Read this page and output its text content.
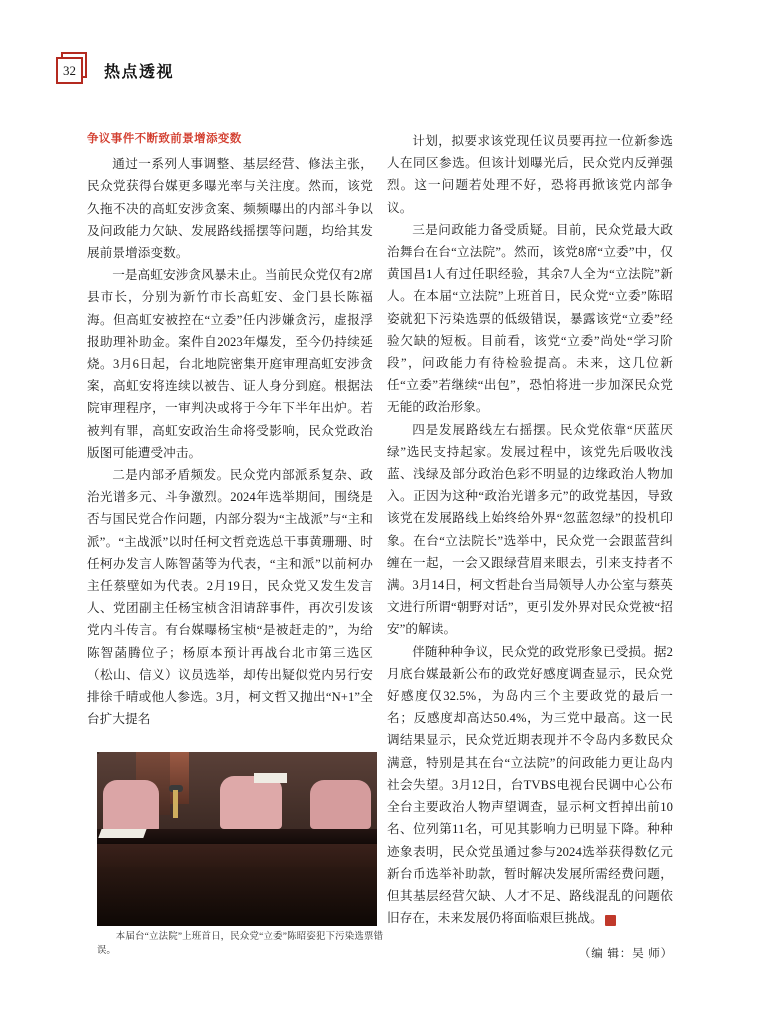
32 热点透视
争议事件不断致前景增添变数

通过一系列人事调整、基层经营、修法主张，民众党获得台媒更多曝光率与关注度。然而，该党久拖不决的高虹安涉贪案、频频曝出的内部斗争以及问政能力欠缺、发展路线摇摆等问题，均给其发展前景增添变数。

一是高虹安涉贪风暴未止。当前民众党仅有2席县市长，分别为新竹市长高虹安、金门县长陈福海。但高虹安被控在“立委”任内涉嫌贪污，虚报浮报助理补助金。案件自2023年爆发，至今仍持续延烧。3月6日起，台北地院密集开庭审理高虹安涉贪案，高虹安将连续以被告、证人身分到庭。根据法院审理程序，一审判决或将于今年下半年出炉。若被判有罪，高虹安政治生命将受影响，民众党政治版图可能遭受冲击。

二是内部矛盾频发。民众党内部派系复杂、政治光谱多元、斗争激烈。2024年选举期间，围绕是否与国民党合作问题，内部分裂为“主战派”与“主和派”。“主战派”以时任柯文哲竞选总干事黄珊珊、时任柯办发言人陈智菡等为代表，“主和派”以前柯办主任蔡壁如为代表。2月19日，民众党又发生发言人、党团副主任杨宝桢含泪请辞事件，再次引发该党内斗传言。有台媒曝杨宝桢“是被赶走的”，为给陈智菡腾位子；杨原本预计再战台北市第三选区（松山、信义）议员选举，却传出疑似党内另行安排徐千晴或他人参选。3月，柯文哲又抛出“N+1”全台扩大提名

本届台“立法院”上班首日，民众党“立委”陈昭姿犯下污染选票错误。

计划，拟要求该党现任议员要再拉一位新参选人在同区参选。但该计划曝光后，民众党内反弹强烈。这一问题若处理不好，恐将再掀该党内部争议。

三是问政能力备受质疑。目前，民众党最大政治舞台在台“立法院”。然而，该党8席“立委”中，仅黄国昌1人有过任职经验，其余7人全为“立法院”新人。在本届“立法院”上班首日，民众党“立委”陈昭姿就犯下污染选票的低级错误，暴露该党“立委”经验欠缺的短板。目前看，该党“立委”尚处“学习阶段”，问政能力有待检验提高。未来，这几位新任“立委”若继续“出包”，恐怕将进一步加深民众党无能的政治形象。

四是发展路线左右摇摆。民众党依靠“厌蓝厌绿”选民支持起家。发展过程中，该党先后吸收浅蓝、浅绿及部分政治色彩不明显的边缘政治人物加入。正因为这种“政治光谱多元”的政党基因，导致该党在发展路线上始终给外界“忽蓝忽绿”的投机印象。在台“立法院长”选举中，民众党一会跟蓝营纠缠在一起，一会又跟绿营眉来眼去，引来支持者不满。3月14日，柯文哲赴台当局领导人办公室与蔡英文进行所谓“朝野对话”，更引发外界对民众党被“招安”的解读。

伴随种种争议，民众党的政党形象已受损。据2月底台媒最新公布的政党好感度调查显示，民众党好感度仅32.5%，为岛内三个主要政党的最后一名；反感度却高达50.4%，为三党中最高。这一民调结果显示，民众党近期表现并不令岛内多数民众满意，特别是其在台“立法院”的问政能力更让岛内社会失望。3月12日，台TVBS电视台民调中心公布全台主要政治人物声望调查，显示柯文哲掉出前10名、位列第11名，可见其影响力已明显下降。种种迹象表明，民众党虽通过参与2024选举获得数亿元新台币选举补助款，暂时解决发展所需经费问题，但其基层经营欠缺、人才不足、路线混乱的问题依旧存在，未来发展仍将面临艰巨挑战。	❖

（编 辑：吴 师）
